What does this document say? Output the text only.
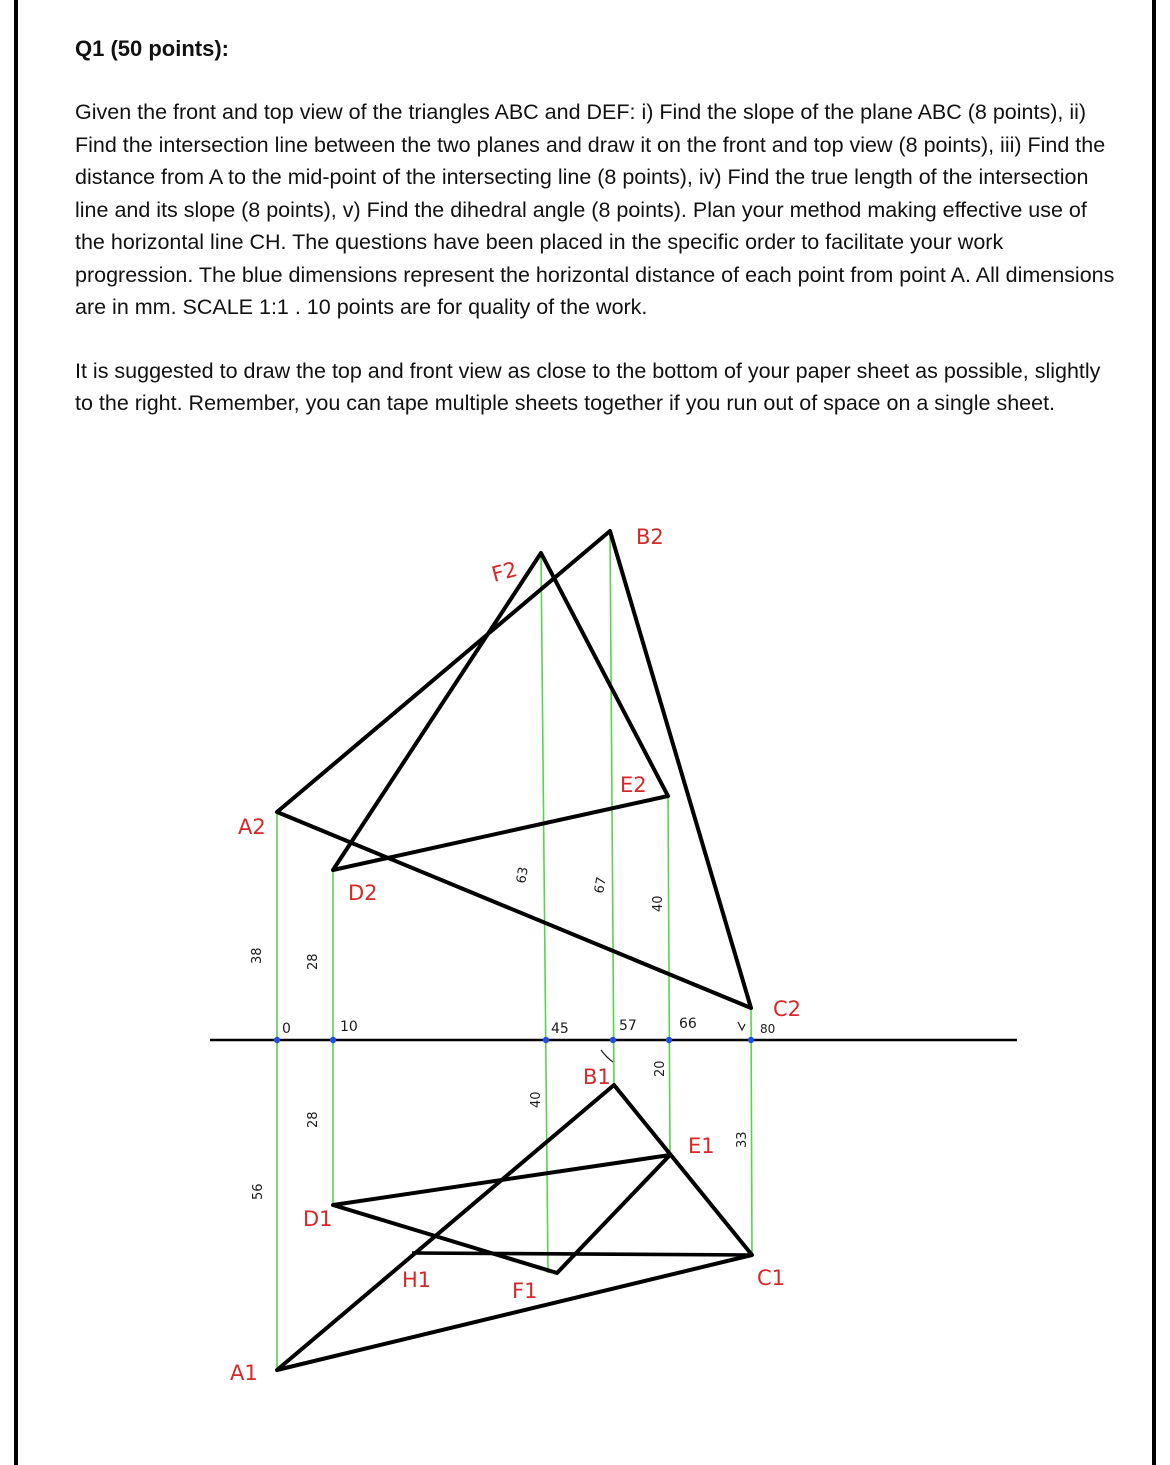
Q1 (50 points):

Given the front and top view of the triangles ABC and DEF: i) Find the slope of the plane ABC (8 points), ii) Find the intersection line between the two planes and draw it on the front and top view (8 points), iii) Find the distance from A to the mid-point of the intersecting line (8 points), iv) Find the true length of the intersection line and its slope (8 points), v) Find the dihedral angle (8 points). Plan your method making effective use of the horizontal line CH. The questions have been placed in the specific order to facilitate your work progression. The blue dimensions represent the horizontal distance of each point from point A. All dimensions are in mm. SCALE 1:1 . 10 points are for quality of the work.

It is suggested to draw the top and front view as close to the bottom of your paper sheet as possible, slightly to the right. Remember, you can tape multiple sheets together if you run out of space on a single sheet.

A2
B2
C2
D2
E2
F2
A1
B1
C1
D1
E1
F1
H1
0	10	45	57	66	80
38	28
63
67
40
56
28
40
20
33
